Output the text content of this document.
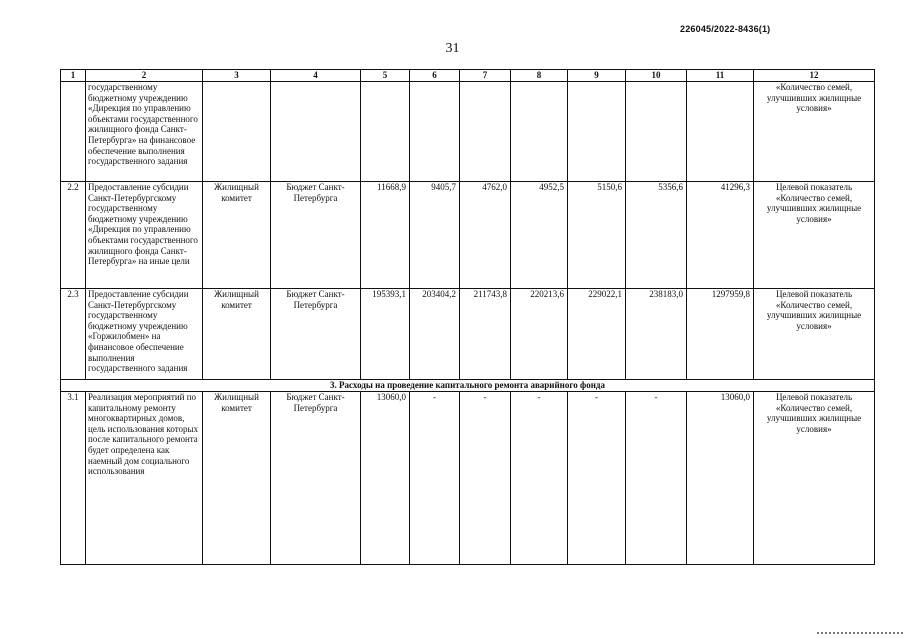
226045/2022-8436(1)
31
1	2	3	4	5	6	7	8	9	10	11	12
	государственному бюджетному учреждению «Дирекция по управлению объектами государственного жилищного фонда Санкт-Петербурга» на финансовое обеспечение выполнения государственного задания										«Количество семей, улучшивших жилищные условия»
2.2	Предоставление субсидии Санкт-Петербургскому государственному бюджетному учреждению «Дирекция по управлению объектами государственного жилищного фонда Санкт-Петербурга» на иные цели	Жилищный комитет	Бюджет Санкт-Петербурга	11668,9	9405,7	4762,0	4952,5	5150,6	5356,6	41296,3	Целевой показатель «Количество семей, улучшивших жилищные условия»
2.3	Предоставление субсидии Санкт-Петербургскому государственному бюджетному учреждению «Горжилобмен» на финансовое обеспечение выполнения государственного задания	Жилищный комитет	Бюджет Санкт-Петербурга	195393,1	203404,2	211743,8	220213,6	229022,1	238183,0	1297959,8	Целевой показатель «Количество семей, улучшивших жилищные условия»
3. Расходы на проведение капитального ремонта аварийного фонда											
3.1	Реализация мероприятий по капитальному ремонту многоквартирных домов, цель использования которых после капитального ремонта будет определена как наемный дом социального использования	Жилищный комитет	Бюджет Санкт-Петербурга	13060,0	-	-	-	-	-	13060,0	Целевой показатель «Количество семей, улучшивших жилищные условия»
